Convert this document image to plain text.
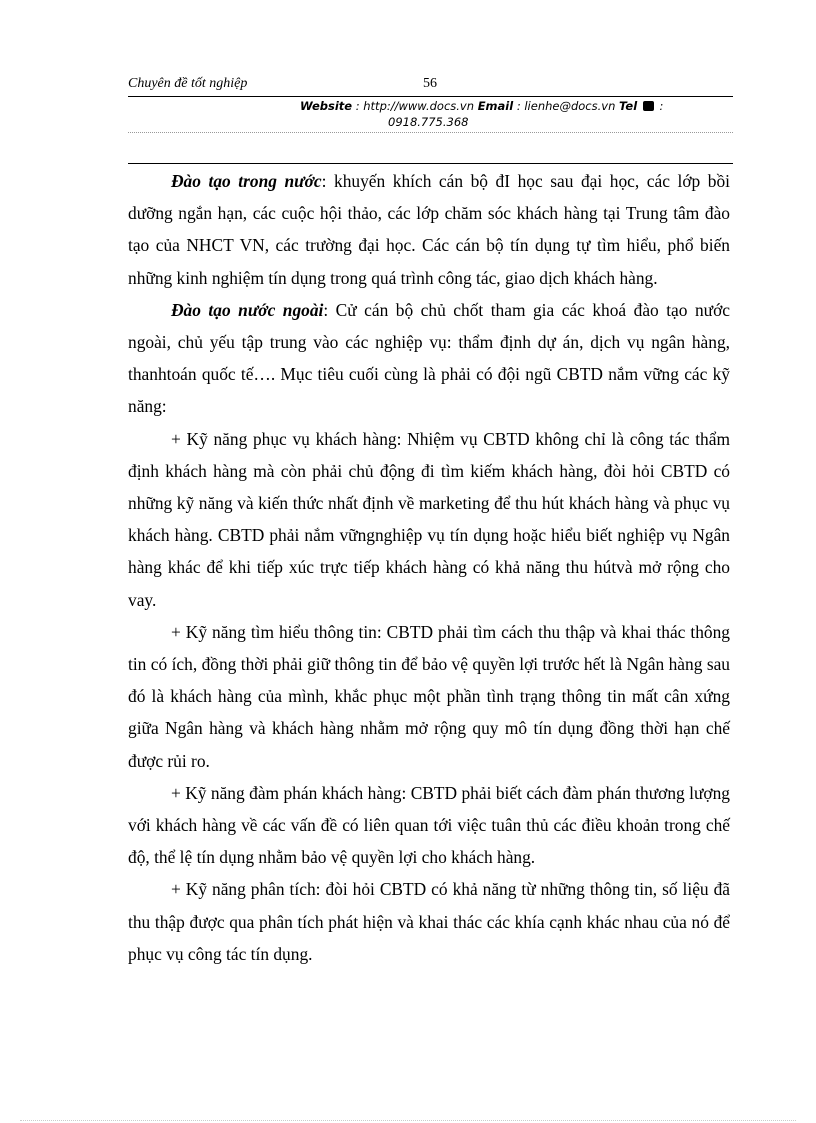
Chuyên đề tốt nghiệp	56
Website : http://www.docs.vn Email : lienhe@docs.vn Tel  :
0918.775.368

Đào tạo trong nước: khuyến khích cán bộ đI học sau đại học, các lớp bồi dưỡng ngắn hạn, các cuộc hội thảo, các lớp chăm sóc khách hàng tại Trung tâm đào tạo của NHCT VN, các trường đại học. Các cán bộ tín dụng tự tìm hiểu, phổ biến những kinh nghiệm tín dụng trong quá trình công tác, giao dịch khách hàng.

Đào tạo nước ngoài: Cử cán bộ chủ chốt tham gia các khoá đào tạo nước ngoài, chủ yếu tập trung vào các nghiệp vụ: thẩm định dự án, dịch vụ ngân hàng, thanhtoán quốc tế…. Mục tiêu cuối cùng là phải có đội ngũ CBTD nắm vững các kỹ năng:

+ Kỹ năng phục vụ khách hàng: Nhiệm vụ CBTD không chỉ là công tác thẩm định khách hàng mà còn phải chủ động đi tìm kiếm khách hàng, đòi hỏi CBTD có những kỹ năng và kiến thức nhất định về marketing để thu hút khách hàng và phục vụ khách hàng. CBTD phải nắm vữngnghiệp vụ tín dụng hoặc hiểu biết nghiệp vụ Ngân hàng khác để khi tiếp xúc trực tiếp khách hàng có khả năng thu hútvà mở rộng cho vay.

+ Kỹ năng tìm hiểu thông tin: CBTD phải tìm cách thu thập và khai thác thông tin có ích, đồng thời phải giữ thông tin để bảo vệ quyền lợi trước hết là Ngân hàng sau đó là khách hàng của mình, khắc phục một phần tình trạng thông tin mất cân xứng giữa Ngân hàng và khách hàng nhằm mở rộng quy mô tín dụng đồng thời hạn chế được rủi ro.

+ Kỹ năng đàm phán khách hàng: CBTD phải biết cách đàm phán thương lượng với khách hàng về các vấn đề có liên quan tới việc tuân thủ các điều khoản trong chế độ, thể lệ tín dụng nhằm bảo vệ quyền lợi cho khách hàng.

+ Kỹ năng phân tích: đòi hỏi CBTD có khả năng từ những thông tin, số liệu đã thu thập được qua phân tích phát hiện và khai thác các khía cạnh khác nhau của nó để phục vụ công tác tín dụng.
